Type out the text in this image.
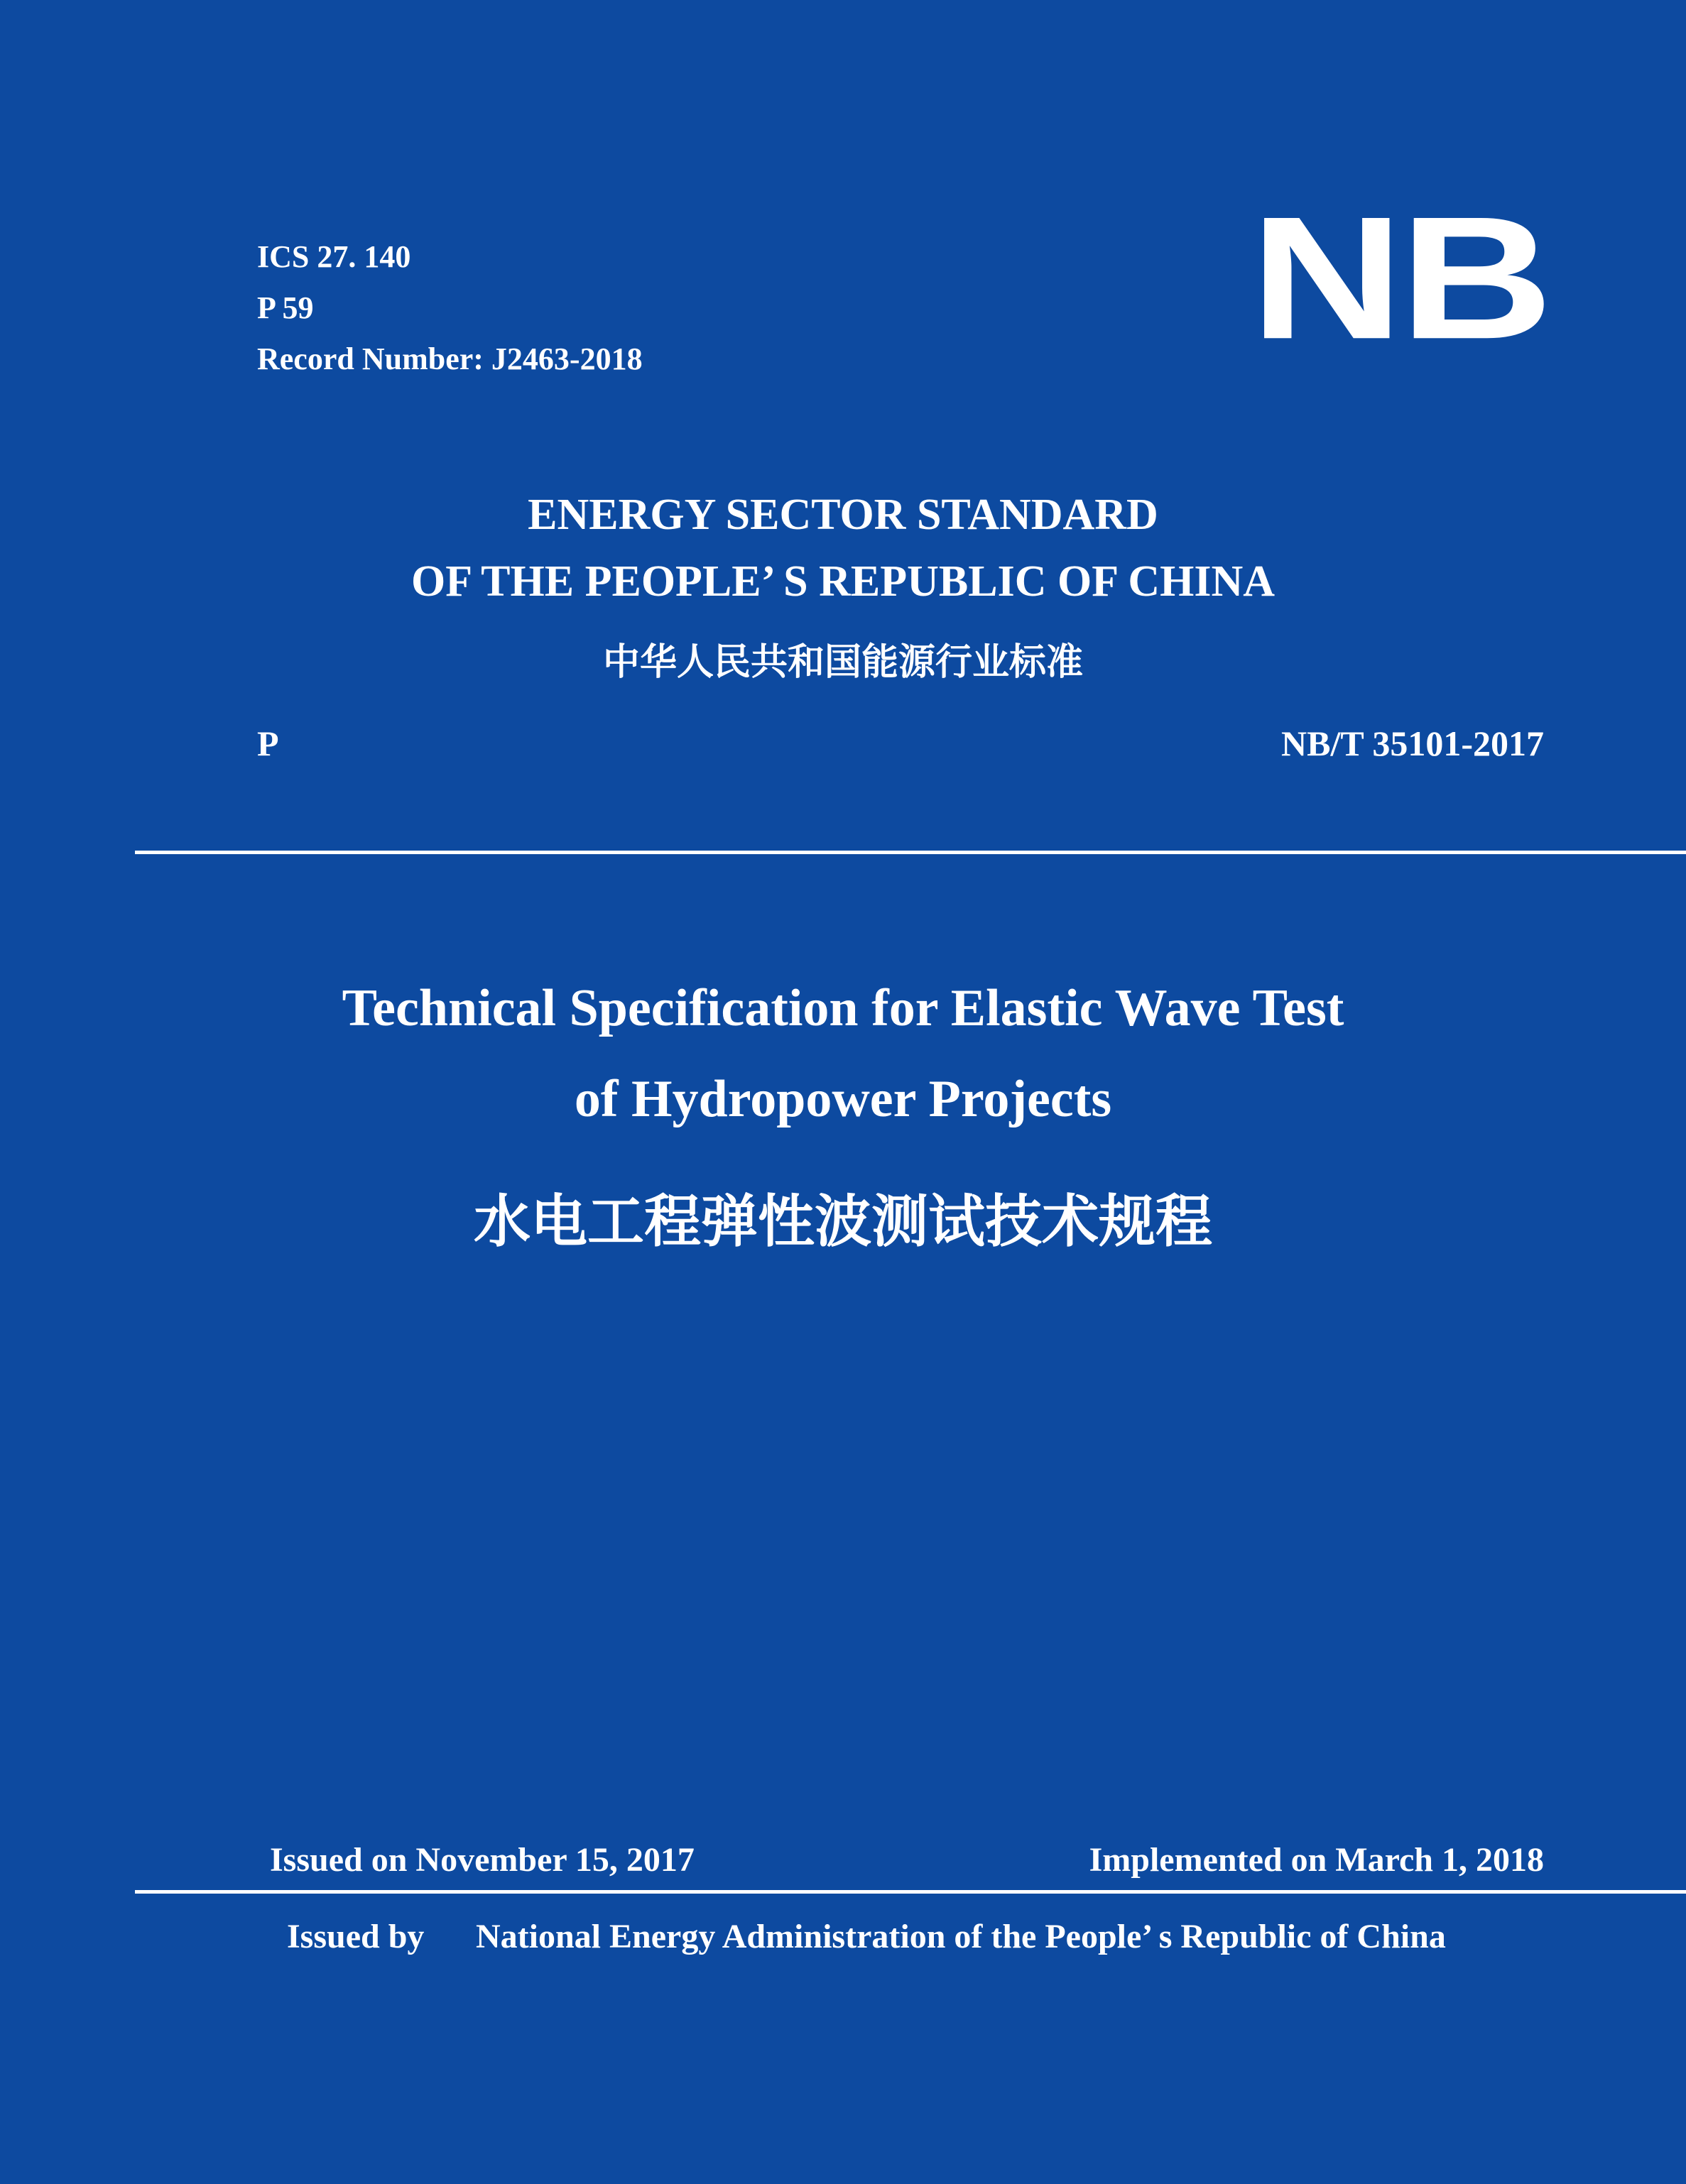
ICS 27. 140
P 59
Record Number: J2463-2018	NB
ENERGY SECTOR STANDARD
OF THE PEOPLE’ S REPUBLIC OF CHINA
中华人民共和国能源行业标准
P	NB/T 35101-2017
Technical Specification for Elastic Wave Test
of Hydropower Projects
水电工程弹性波测试技术规程
Issued on November 15, 2017	Implemented on March 1, 2018
Issued by National Energy Administration of the People’ s Republic of China
